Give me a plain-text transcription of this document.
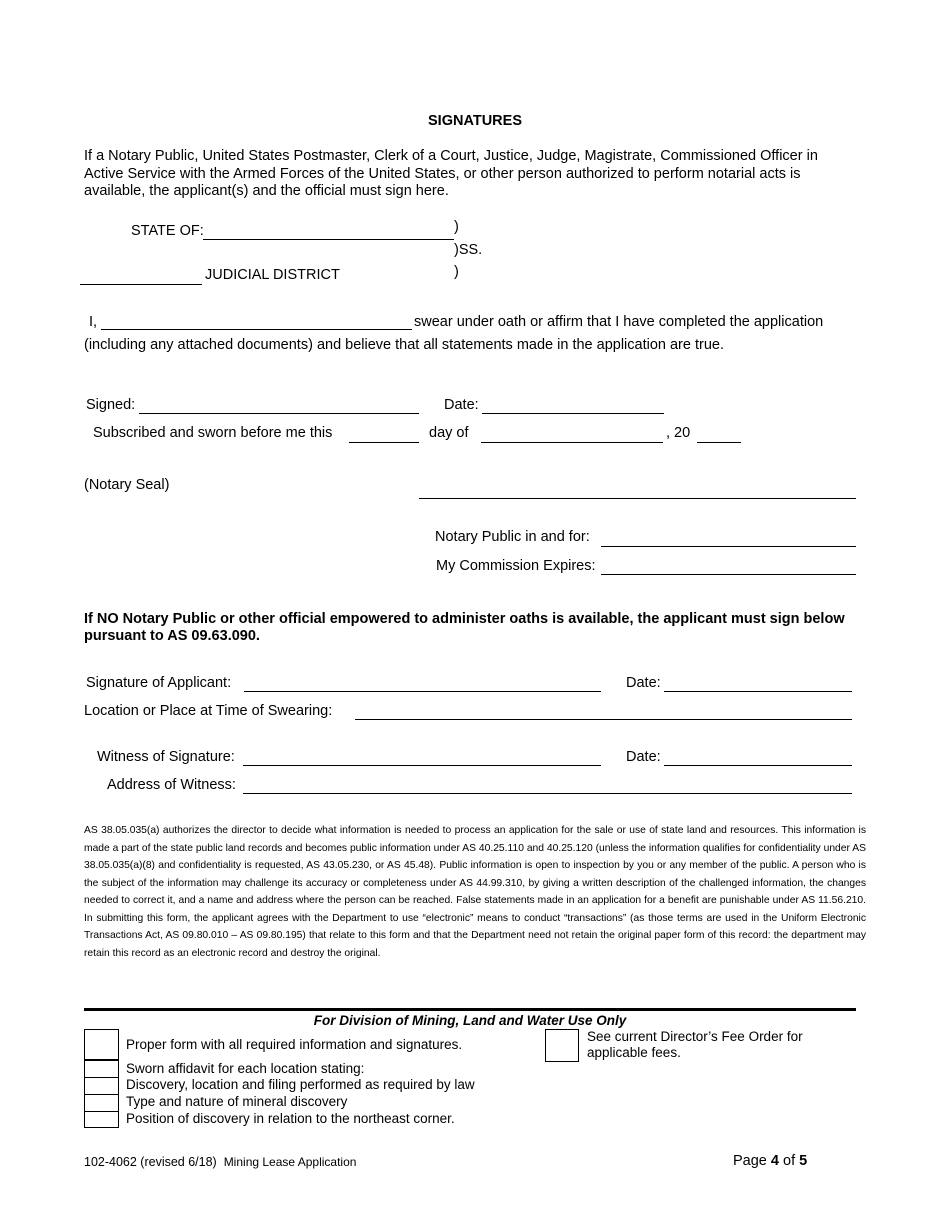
SIGNATURES
If a Notary Public, United States Postmaster, Clerk of a Court, Justice, Judge, Magistrate, Commissioned Officer in Active Service with the Armed Forces of the United States, or other person authorized to perform notarial acts is available, the applicant(s) and the official must sign here.
STATE OF:	)
)SS.
)
JUDICIAL DISTRICT
I,	swear under oath or affirm that I have completed the application
(including any attached documents) and believe that all statements made in the application are true.
Signed:	Date:
Subscribed and sworn before me this	day of	, 20
(Notary Seal)
Notary Public in and for:
My Commission Expires:
If NO Notary Public or other official empowered to administer oaths is available, the applicant must sign below pursuant to AS 09.63.090.
Signature of Applicant:	Date:
Location or Place at Time of Swearing:
Witness of Signature:	Date:
Address of Witness:
AS 38.05.035(a) authorizes the director to decide what information is needed to process an application for the sale or use of state land and resources. This information is made a part of the state public land records and becomes public information under AS 40.25.110 and 40.25.120 (unless the information qualifies for confidentiality under AS 38.05.035(a)(8) and confidentiality is requested, AS 43.05.230, or AS 45.48). Public information is open to inspection by you or any member of the public. A person who is the subject of the information may challenge its accuracy or completeness under AS 44.99.310, by giving a written description of the challenged information, the changes needed to correct it, and a name and address where the person can be reached. False statements made in an application for a benefit are punishable under AS 11.56.210. In submitting this form, the applicant agrees with the Department to use “electronic” means to conduct “transactions” (as those terms are used in the Uniform Electronic Transactions Act, AS 09.80.010 – AS 09.80.195) that relate to this form and that the Department need not retain the original paper form of this record: the department may retain this record as an electronic record and destroy the original.
For Division of Mining, Land and Water Use Only
Proper form with all required information and signatures.
Sworn affidavit for each location stating:
Discovery, location and filing performed as required by law
Type and nature of mineral discovery
Position of discovery in relation to the northeast corner.
See current Director’s Fee Order for
applicable fees.
102-4062 (revised 6/18) Mining Lease Application	Page 4 of 5
